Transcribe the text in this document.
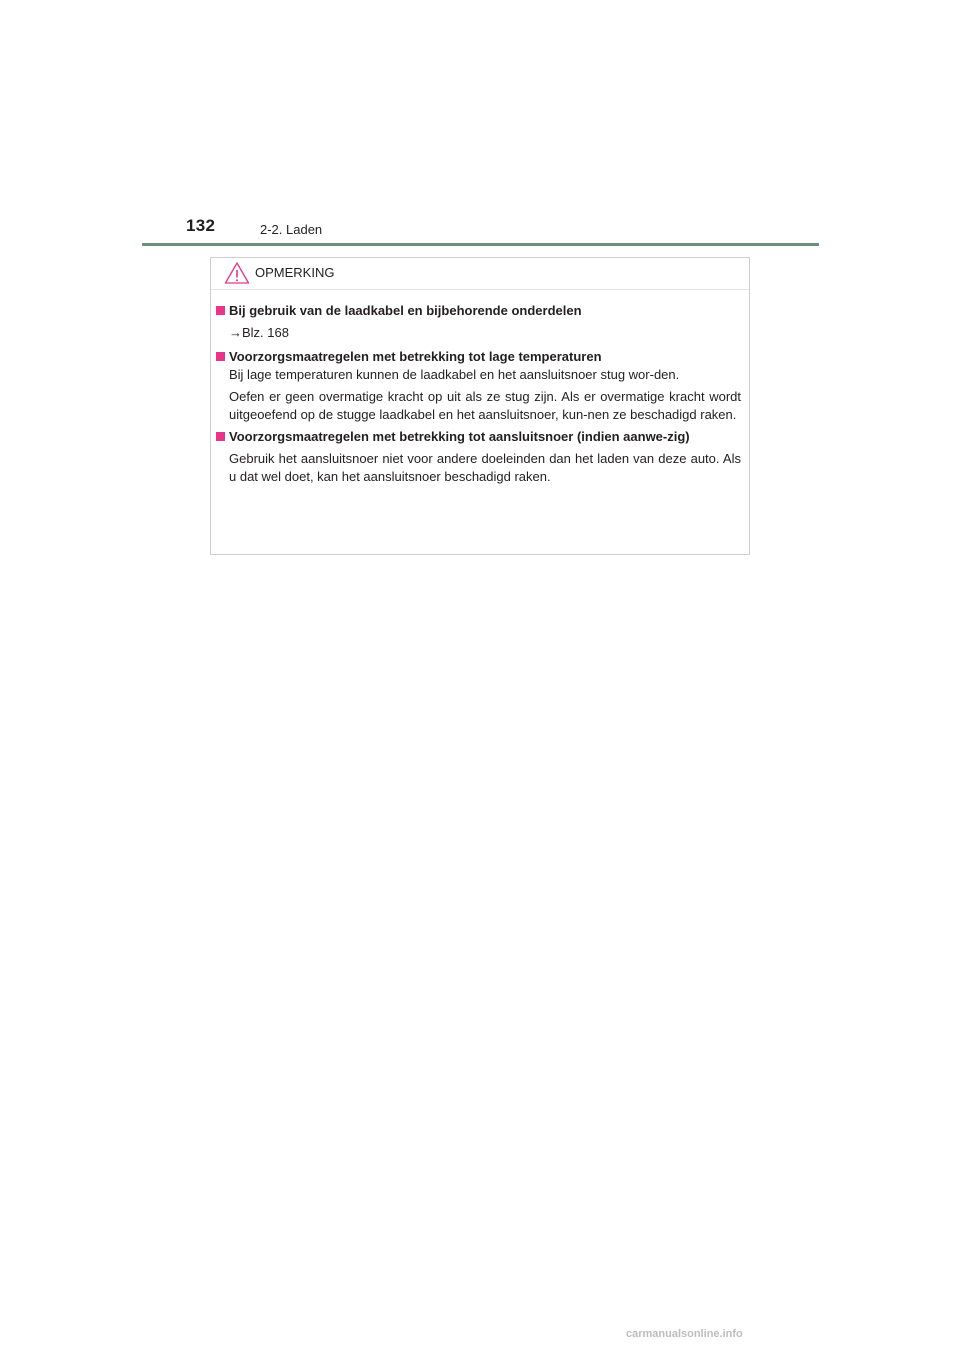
132	2-2. Laden
OPMERKING
Bij gebruik van de laadkabel en bijbehorende onderdelen
→Blz. 168
Voorzorgsmaatregelen met betrekking tot lage temperaturen
Bij lage temperaturen kunnen de laadkabel en het aansluitsnoer stug wor-den.
Oefen er geen overmatige kracht op uit als ze stug zijn. Als er overmatige kracht wordt uitgeoefend op de stugge laadkabel en het aansluitsnoer, kun-nen ze beschadigd raken.
Voorzorgsmaatregelen met betrekking tot aansluitsnoer (indien aanwe-zig)
Gebruik het aansluitsnoer niet voor andere doeleinden dan het laden van deze auto. Als u dat wel doet, kan het aansluitsnoer beschadigd raken.
carmanualsonline.info
